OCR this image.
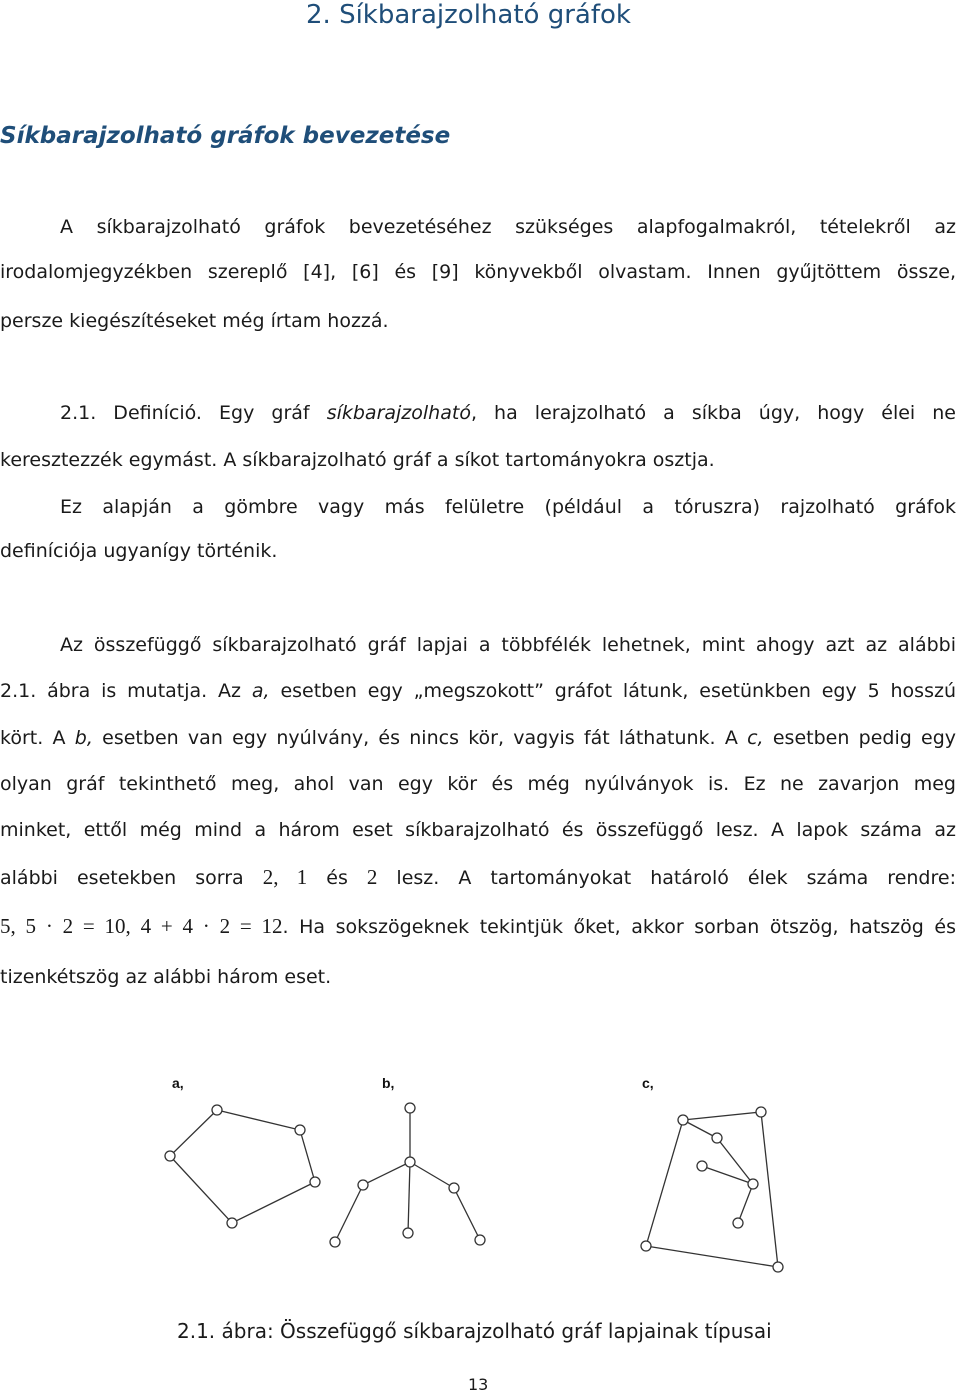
2. Síkbarajzolható gráfok
Síkbarajzolható gráfok bevezetése
A síkbarajzolható gráfok bevezetéséhez szükséges alapfogalmakról, tételekről az
irodalomjegyzékben szereplő [4], [6] és [9] könyvekből olvastam. Innen gyűjtöttem össze,
persze kiegészítéseket még írtam hozzá.
2.1. Definíció. Egy gráf síkbarajzolható, ha lerajzolható a síkba úgy, hogy élei ne
keresztezzék egymást. A síkbarajzolható gráf a síkot tartományokra osztja.
Ez alapján a gömbre vagy más felületre (például a tóruszra) rajzolható gráfok
definíciója ugyanígy történik.
Az összefüggő síkbarajzolható gráf lapjai a többfélék lehetnek, mint ahogy azt az alábbi
2.1. ábra is mutatja. Az a, esetben egy „megszokott” gráfot látunk, esetünkben egy 5 hosszú
kört. A b, esetben van egy nyúlvány, és nincs kör, vagyis fát láthatunk. A c, esetben pedig egy
olyan gráf tekinthető meg, ahol van egy kör és még nyúlványok is. Ez ne zavarjon meg
minket, ettől még mind a három eset síkbarajzolható és összefüggő lesz. A lapok száma az
alábbi esetekben sorra 2, 1 és 2 lesz. A tartományokat határoló élek száma rendre:
5, 5 · 2 = 10, 4 + 4 · 2 = 12. Ha sokszögeknek tekintjük őket, akkor sorban ötszög, hatszög és
tizenkétszög az alábbi három eset.
a,	b,	c,
2.1. ábra: Összefüggő síkbarajzolható gráf lapjainak típusai
13
